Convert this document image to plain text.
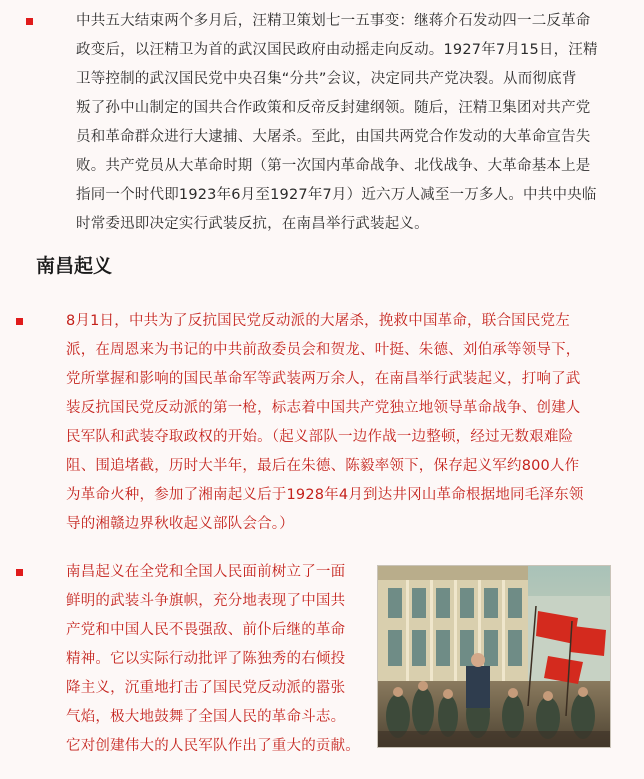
中共五大结束两个多月后，汪精卫策划七一五事变：继蒋介石发动四一二反革命
政变后，以汪精卫为首的武汉国民政府由动摇走向反动。1927年7月15日，汪精
卫等控制的武汉国民党中央召集“分共”会议，决定同共产党决裂。从而彻底背
叛了孙中山制定的国共合作政策和反帝反封建纲领。随后，汪精卫集团对共产党
员和革命群众进行大逮捕、大屠杀。至此，由国共两党合作发动的大革命宣告失
败。共产党员从大革命时期（第一次国内革命战争、北伐战争、大革命基本上是
指同一个时代即1923年6月至1927年7月）近六万人减至一万多人。中共中央临
时常委迅即决定实行武装反抗，在南昌举行武装起义。
南昌起义
8月1日，中共为了反抗国民党反动派的大屠杀，挽救中国革命，联合国民党左
派，在周恩来为书记的中共前敌委员会和贺龙、叶挺、朱德、刘伯承等领导下，
党所掌握和影响的国民革命军等武装两万余人，在南昌举行武装起义，打响了武
装反抗国民党反动派的第一枪，标志着中国共产党独立地领导革命战争、创建人
民军队和武装夺取政权的开始。（起义部队一边作战一边整顿，经过无数艰难险
阻、围追堵截，历时大半年，最后在朱德、陈毅率领下，保存起义军约800人作
为革命火种，参加了湘南起义后于1928年4月到达井冈山革命根据地同毛泽东领
导的湘赣边界秋收起义部队会合。）
南昌起义在全党和全国人民面前树立了一面
鲜明的武装斗争旗帜，充分地表现了中国共
产党和中国人民不畏强敌、前仆后继的革命
精神。它以实际行动批评了陈独秀的右倾投
降主义，沉重地打击了国民党反动派的嚣张
气焰，极大地鼓舞了全国人民的革命斗志。
它对创建伟大的人民军队作出了重大的贡献。
